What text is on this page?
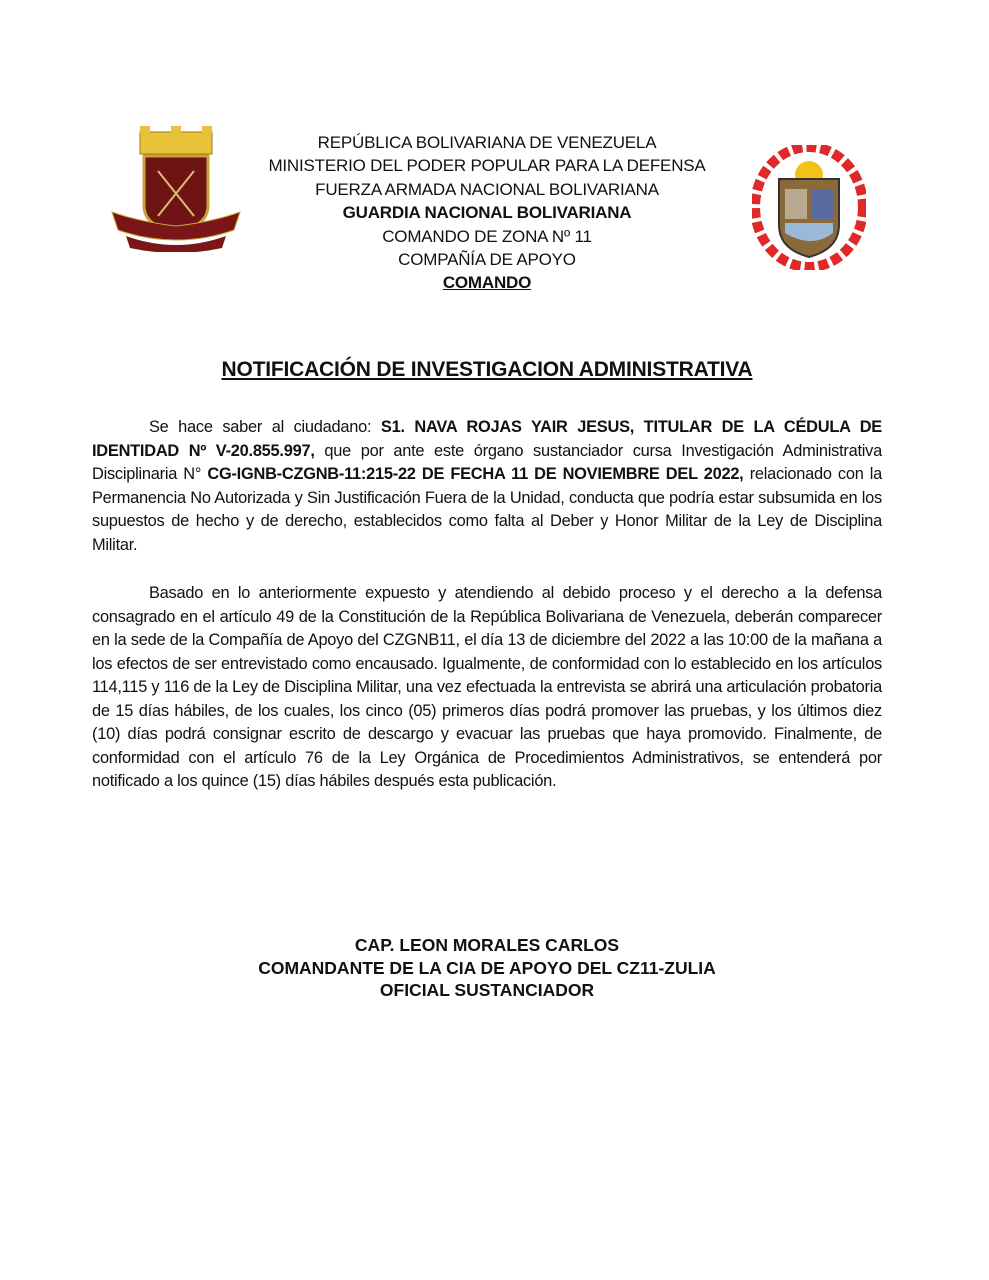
REPÚBLICA BOLIVARIANA DE VENEZUELA
MINISTERIO DEL PODER POPULAR PARA LA DEFENSA
FUERZA ARMADA NACIONAL BOLIVARIANA
GUARDIA NACIONAL BOLIVARIANA
COMANDO DE ZONA Nº 11
COMPAÑÍA DE APOYO
COMANDO
NOTIFICACIÓN DE INVESTIGACION ADMINISTRATIVA

Se hace saber al ciudadano: S1. NAVA ROJAS YAIR JESUS, TITULAR DE LA CÉDULA DE IDENTIDAD Nº V-20.855.997, que por ante este órgano sustanciador cursa Investigación Administrativa Disciplinaria N° CG-IGNB-CZGNB-11:215-22 DE FECHA 11 DE NOVIEMBRE DEL 2022, relacionado con la Permanencia No Autorizada y Sin Justificación Fuera de la Unidad, conducta que podría estar subsumida en los supuestos de hecho y de derecho, establecidos como falta al Deber y Honor Militar de la Ley de Disciplina Militar.

Basado en lo anteriormente expuesto y atendiendo al debido proceso y el derecho a la defensa consagrado en el artículo 49 de la Constitución de la República Bolivariana de Venezuela, deberán comparecer en la sede de la Compañía de Apoyo del CZGNB11, el día 13 de diciembre del 2022 a las 10:00 de la mañana a los efectos de ser entrevistado como encausado. Igualmente, de conformidad con lo establecido en los artículos 114,115 y 116 de la Ley de Disciplina Militar, una vez efectuada la entrevista se abrirá una articulación probatoria de 15 días hábiles, de los cuales, los cinco (05) primeros días podrá promover las pruebas, y los últimos diez (10) días podrá consignar escrito de descargo y evacuar las pruebas que haya promovido. Finalmente, de conformidad con el artículo 76 de la Ley Orgánica de Procedimientos Administrativos, se entenderá por notificado a los quince (15) días hábiles después esta publicación.

CAP. LEON MORALES CARLOS
COMANDANTE DE LA CIA DE APOYO DEL CZ11-ZULIA
OFICIAL SUSTANCIADOR
